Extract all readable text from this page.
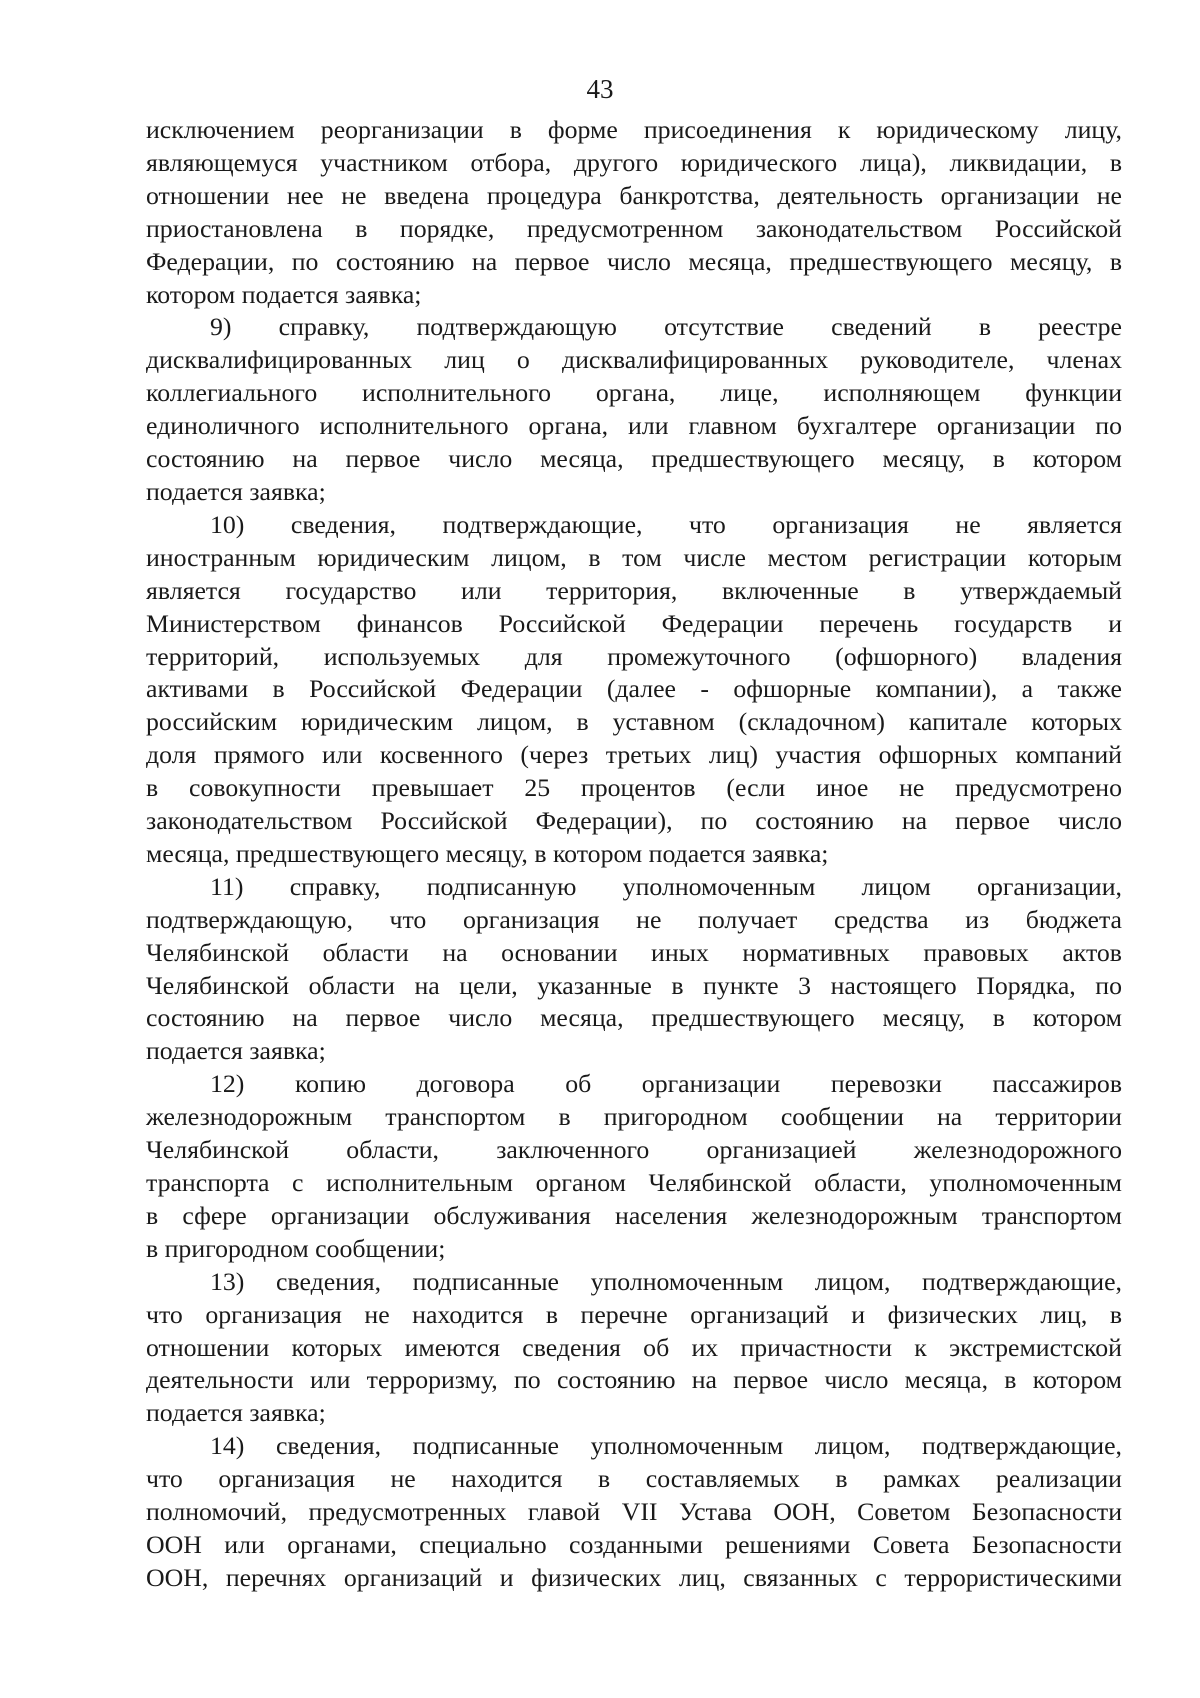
43

исключением реорганизации в форме присоединения к юридическому лицу,
являющемуся участником отбора, другого юридического лица), ликвидации, в
отношении нее не введена процедура банкротства, деятельность организации не
приостановлена в порядке, предусмотренном законодательством Российской
Федерации, по состоянию на первое число месяца, предшествующего месяцу, в
котором подается заявка;
9) справку, подтверждающую отсутствие сведений в реестре
дисквалифицированных лиц о дисквалифицированных руководителе, членах
коллегиального исполнительного органа, лице, исполняющем функции
единоличного исполнительного органа, или главном бухгалтере организации по
состоянию на первое число месяца, предшествующего месяцу, в котором
подается заявка;
10) сведения, подтверждающие, что организация не является
иностранным юридическим лицом, в том числе местом регистрации которым
является государство или территория, включенные в утверждаемый
Министерством финансов Российской Федерации перечень государств и
территорий, используемых для промежуточного (офшорного) владения
активами в Российской Федерации (далее - офшорные компании), а также
российским юридическим лицом, в уставном (складочном) капитале которых
доля прямого или косвенного (через третьих лиц) участия офшорных компаний
в совокупности превышает 25 процентов (если иное не предусмотрено
законодательством Российской Федерации), по состоянию на первое число
месяца, предшествующего месяцу, в котором подается заявка;
11) справку, подписанную уполномоченным лицом организации,
подтверждающую, что организация не получает средства из бюджета
Челябинской области на основании иных нормативных правовых актов
Челябинской области на цели, указанные в пункте 3 настоящего Порядка, по
состоянию на первое число месяца, предшествующего месяцу, в котором
подается заявка;
12) копию договора об организации перевозки пассажиров
железнодорожным транспортом в пригородном сообщении на территории
Челябинской области, заключенного организацией железнодорожного
транспорта с исполнительным органом Челябинской области, уполномоченным
в сфере организации обслуживания населения железнодорожным транспортом
в пригородном сообщении;
13) сведения, подписанные уполномоченным лицом, подтверждающие,
что организация не находится в перечне организаций и физических лиц, в
отношении которых имеются сведения об их причастности к экстремистской
деятельности или терроризму, по состоянию на первое число месяца, в котором
подается заявка;
14) сведения, подписанные уполномоченным лицом, подтверждающие,
что организация не находится в составляемых в рамках реализации
полномочий, предусмотренных главой VII Устава ООН, Советом Безопасности
ООН или органами, специально созданными решениями Совета Безопасности
ООН, перечнях организаций и физических лиц, связанных с террористическими
